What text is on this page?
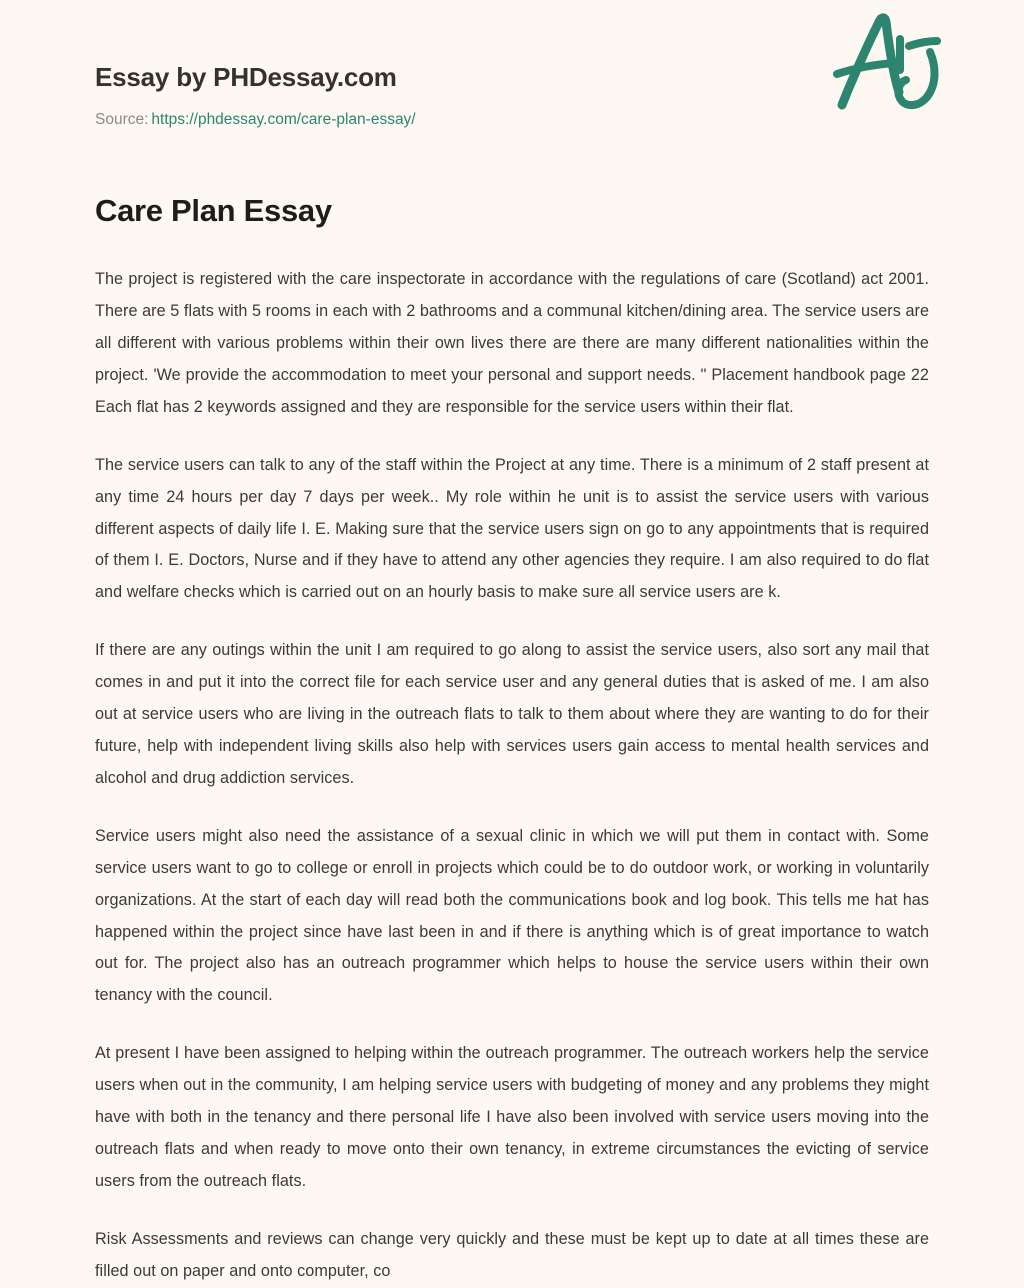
Essay by PHDessay.com
Source: https://phdessay.com/care-plan-essay/
Care Plan Essay

The project is registered with the care inspectorate in accordance with the regulations of care (Scotland) act 2001. There are 5 flats with 5 rooms in each with 2 bathrooms and a communal kitchen/dining area. The service users are all different with various problems within their own lives there are there are many different nationalities within the project. 'We provide the accommodation to meet your personal and support needs. " Placement handbook page 22 Each flat has 2 keywords assigned and they are responsible for the service users within their flat.

The service users can talk to any of the staff within the Project at any time. There is a minimum of 2 staff present at any time 24 hours per day 7 days per week.. My role within he unit is to assist the service users with various different aspects of daily life I. E. Making sure that the service users sign on go to any appointments that is required of them I. E. Doctors, Nurse and if they have to attend any other agencies they require. I am also required to do flat and welfare checks which is carried out on an hourly basis to make sure all service users are k.

If there are any outings within the unit I am required to go along to assist the service users, also sort any mail that comes in and put it into the correct file for each service user and any general duties that is asked of me. I am also out at service users who are living in the outreach flats to talk to them about where they are wanting to do for their future, help with independent living skills also help with services users gain access to mental health services and alcohol and drug addiction services.

Service users might also need the assistance of a sexual clinic in which we will put them in contact with. Some service users want to go to college or enroll in projects which could be to do outdoor work, or working in voluntarily organizations. At the start of each day will read both the communications book and log book. This tells me hat has happened within the project since have last been in and if there is anything which is of great importance to watch out for. The project also has an outreach programmer which helps to house the service users within their own tenancy with the council.

At present I have been assigned to helping within the outreach programmer. The outreach workers help the service users when out in the community, I am helping service users with budgeting of money and any problems they might have with both in the tenancy and there personal life I have also been involved with service users moving into the outreach flats and when ready to move onto their own tenancy, in extreme circumstances the evicting of service users from the outreach flats.

Risk Assessments and reviews can change very quickly and these must be kept up to date at all times these are filled out on paper and onto computer, co
